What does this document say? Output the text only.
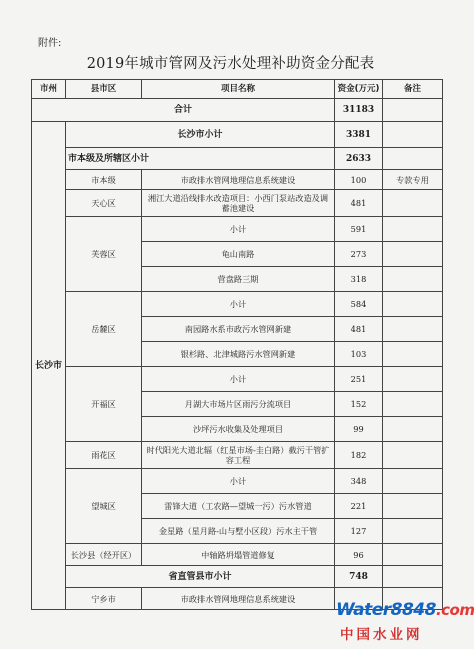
附件:
2019年城市管网及污水处理补助资金分配表
市州	县市区	项目名称	资金(万元)	备注
合计			31183	
长沙市	长沙市小计		3381	
	市本级及所辖区小计		2633	
	市本级	市政排水管网地理信息系统建设	100	专款专用
	天心区	湘江大道沿线排水改造项目：小西门泵站改造及调蓄池建设	481	
	芙蓉区	小计	591	
		龟山南路	273	
		营盘路三期	318	
	岳麓区	小计	584	
		南园路水系市政污水管网新建	481	
		银杉路、北津城路污水管网新建	103	
	开福区	小计	251	
		月湖大市场片区雨污分流项目	152	
		沙坪污水收集及处理项目	99	
	雨花区	时代阳光大道北辐（红星市场-圭白路）截污干管扩容工程	182	
	望城区	小计	348	
		雷锋大道（工农路—望城一污）污水管道	221	
		金星路（星月路-山与墅小区段）污水主干管	127	
	长沙县（经开区）	中轴路坍塌管道修复	96	
	省直管县市小计		748	
	宁乡市	市政排水管网地理信息系统建设		
Water8848.com
中国水业网
